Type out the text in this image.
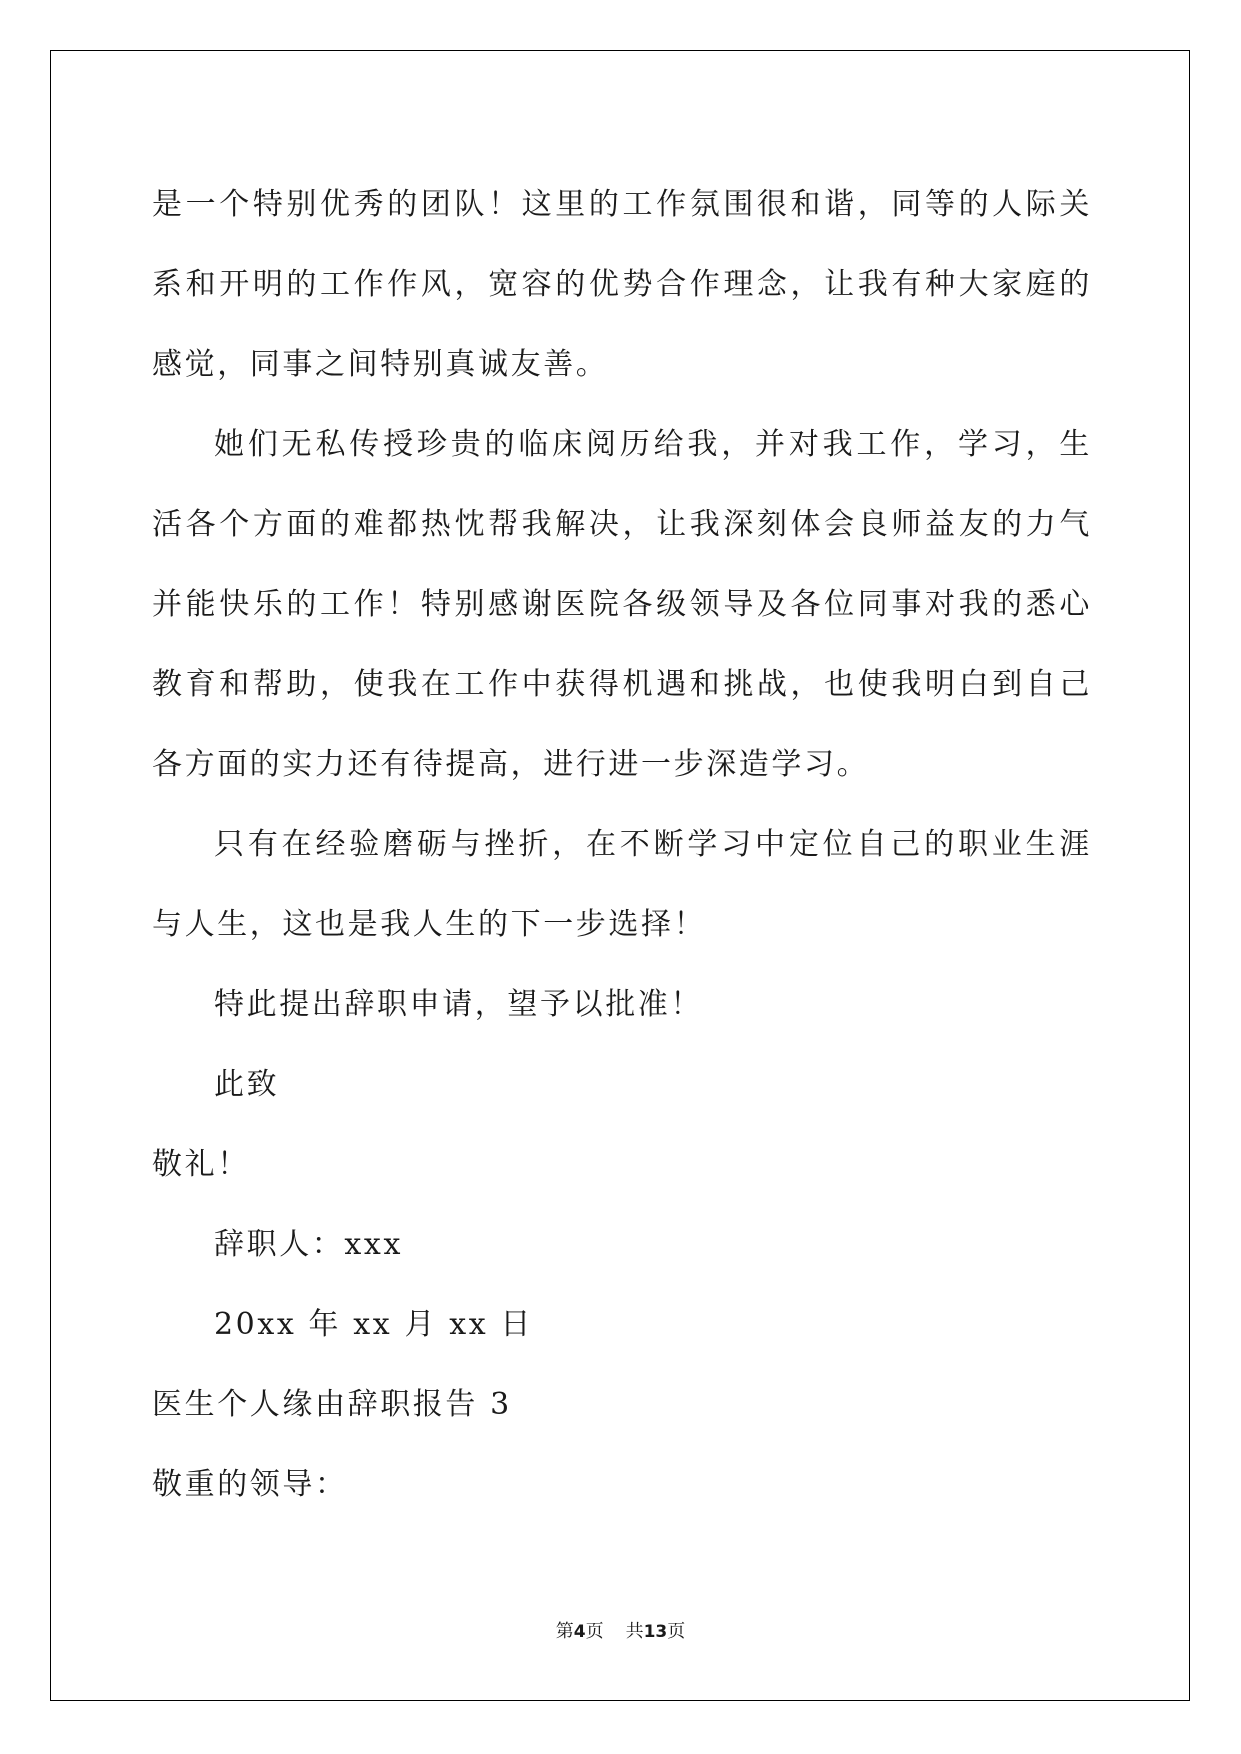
是一个特别优秀的团队！这里的工作氛围很和谐，同等的人际关系和开明的工作作风，宽容的优势合作理念，让我有种大家庭的感觉，同事之间特别真诚友善。

她们无私传授珍贵的临床阅历给我，并对我工作，学习，生活各个方面的难都热忱帮我解决，让我深刻体会良师益友的力气并能快乐的工作！特别感谢医院各级领导及各位同事对我的悉心教育和帮助，使我在工作中获得机遇和挑战，也使我明白到自己各方面的实力还有待提高，进行进一步深造学习。

只有在经验磨砺与挫折，在不断学习中定位自己的职业生涯与人生，这也是我人生的下一步选择！

特此提出辞职申请，望予以批准！

此致

敬礼！

辞职人：xxx

20xx 年 xx 月 xx 日

医生个人缘由辞职报告 3

敬重的领导：

第4页 共13页
